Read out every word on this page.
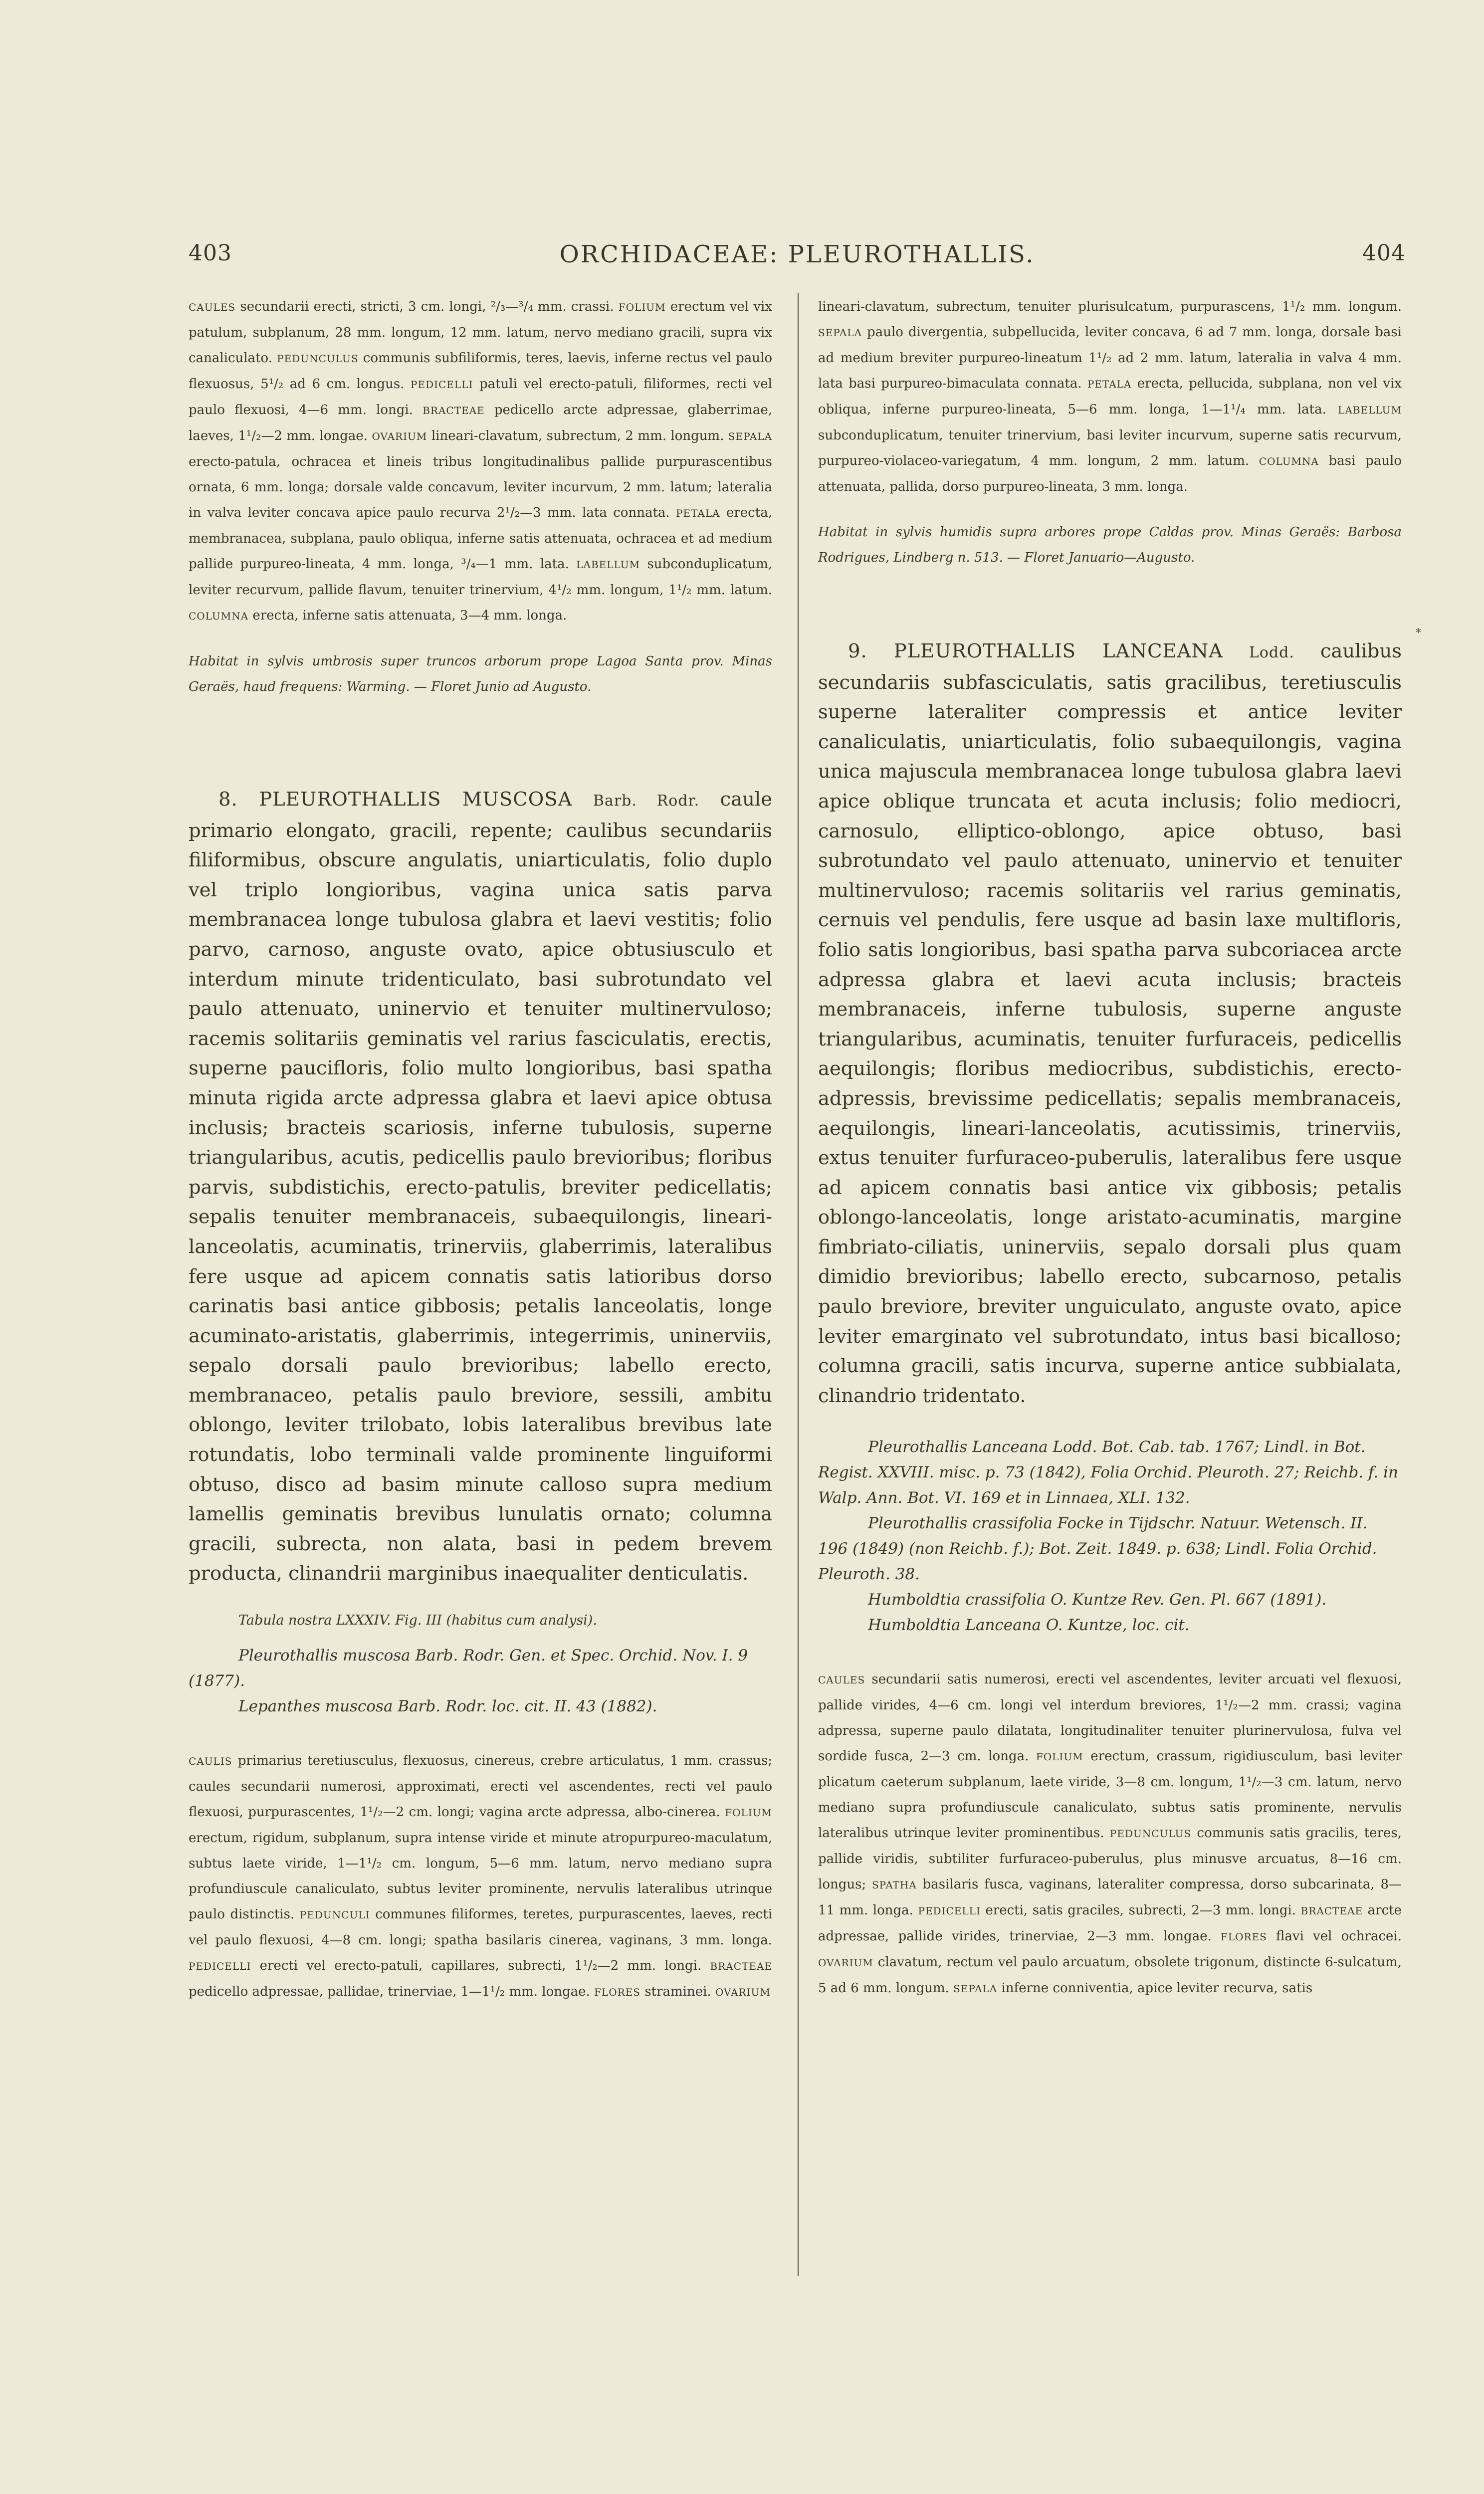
403	ORCHIDACEAE: PLEUROTHALLIS.	404
*

CAULES secundarii erecti, stricti, 3 cm. longi, ²/₃—³/₄ mm. crassi. FOLIUM erectum vel vix patulum, subplanum, 28 mm. longum, 12 mm. latum, nervo mediano gracili, supra vix canaliculato. PEDUNCULUS communis subfiliformis, teres, laevis, inferne rectus vel paulo flexuosus, 5¹/₂ ad 6 cm. longus. PEDICELLI patuli vel erecto-patuli, filiformes, recti vel paulo flexuosi, 4—6 mm. longi. BRACTEAE pedicello arcte adpressae, glaberrimae, laeves, 1¹/₂—2 mm. longae. OVARIUM lineari-clavatum, subrectum, 2 mm. longum. SEPALA erecto-patula, ochracea et lineis tribus longitudinalibus pallide purpurascentibus ornata, 6 mm. longa; dorsale valde concavum, leviter incurvum, 2 mm. latum; lateralia in valva leviter concava apice paulo recurva 2¹/₂—3 mm. lata connata. PETALA erecta, membranacea, subplana, paulo obliqua, inferne satis attenuata, ochracea et ad medium pallide purpureo-lineata, 4 mm. longa, ³/₄—1 mm. lata. LABELLUM subconduplicatum, leviter recurvum, pallide flavum, tenuiter trinervium, 4¹/₂ mm. longum, 1¹/₂ mm. latum. COLUMNA erecta, inferne satis attenuata, 3—4 mm. longa.

Habitat in sylvis umbrosis super truncos arborum prope Lagoa Santa prov. Minas Geraës, haud frequens: Warming. — Floret Junio ad Augusto.

8. PLEUROTHALLIS MUSCOSA Barb. Rodr. caule primario elongato, gracili, repente; caulibus secundariis filiformibus, obscure angulatis, uniarticulatis, folio duplo vel triplo longioribus, vagina unica satis parva membranacea longe tubulosa glabra et laevi vestitis; folio parvo, carnoso, anguste ovato, apice obtusiusculo et interdum minute tridenticulato, basi subrotundato vel paulo attenuato, uninervio et tenuiter multinervuloso; racemis solitariis geminatis vel rarius fasciculatis, erectis, superne paucifloris, folio multo longioribus, basi spatha minuta rigida arcte adpressa glabra et laevi apice obtusa inclusis; bracteis scariosis, inferne tubulosis, superne triangularibus, acutis, pedicellis paulo brevioribus; floribus parvis, subdistichis, erecto-patulis, breviter pedicellatis; sepalis tenuiter membranaceis, subaequilongis, lineari-lanceolatis, acuminatis, trinerviis, glaberrimis, lateralibus fere usque ad apicem connatis satis latioribus dorso carinatis basi antice gibbosis; petalis lanceolatis, longe acuminato-aristatis, glaberrimis, integerrimis, uninerviis, sepalo dorsali paulo brevioribus; labello erecto, membranaceo, petalis paulo breviore, sessili, ambitu oblongo, leviter trilobato, lobis lateralibus brevibus late rotundatis, lobo terminali valde prominente linguiformi obtuso, disco ad basim minute calloso supra medium lamellis geminatis brevibus lunulatis ornato; columna gracili, subrecta, non alata, basi in pedem brevem producta, clinandrii marginibus inaequaliter denticulatis.

Tabula nostra LXXXIV. Fig. III (habitus cum analysi).

Pleurothallis muscosa Barb. Rodr. Gen. et Spec. Orchid. Nov. I. 9 (1877).

Lepanthes muscosa Barb. Rodr. loc. cit. II. 43 (1882).

CAULIS primarius teretiusculus, flexuosus, cinereus, crebre articulatus, 1 mm. crassus; caules secundarii numerosi, approximati, erecti vel ascendentes, recti vel paulo flexuosi, purpurascentes, 1¹/₂—2 cm. longi; vagina arcte adpressa, albo-cinerea. FOLIUM erectum, rigidum, subplanum, supra intense viride et minute atropurpureo-maculatum, subtus laete viride, 1—1¹/₂ cm. longum, 5—6 mm. latum, nervo mediano supra profundiuscule canaliculato, subtus leviter prominente, nervulis lateralibus utrinque paulo distinctis. PEDUNCULI communes filiformes, teretes, purpurascentes, laeves, recti vel paulo flexuosi, 4—8 cm. longi; spatha basilaris cinerea, vaginans, 3 mm. longa. PEDICELLI erecti vel erecto-patuli, capillares, subrecti, 1¹/₂—2 mm. longi. BRACTEAE pedicello adpressae, pallidae, trinerviae, 1—1¹/₂ mm. longae. FLORES straminei. OVARIUM

lineari-clavatum, subrectum, tenuiter plurisulcatum, purpurascens, 1¹/₂ mm. longum. SEPALA paulo divergentia, subpellucida, leviter concava, 6 ad 7 mm. longa, dorsale basi ad medium breviter purpureo-lineatum 1¹/₂ ad 2 mm. latum, lateralia in valva 4 mm. lata basi purpureo-bimaculata connata. PETALA erecta, pellucida, subplana, non vel vix obliqua, inferne purpureo-lineata, 5—6 mm. longa, 1—1¹/₄ mm. lata. LABELLUM subconduplicatum, tenuiter trinervium, basi leviter incurvum, superne satis recurvum, purpureo-violaceo-variegatum, 4 mm. longum, 2 mm. latum. COLUMNA basi paulo attenuata, pallida, dorso purpureo-lineata, 3 mm. longa.

Habitat in sylvis humidis supra arbores prope Caldas prov. Minas Geraës: Barbosa Rodrigues, Lindberg n. 513. — Floret Januario—Augusto.

9. PLEUROTHALLIS LANCEANA Lodd. caulibus secundariis subfasciculatis, satis gracilibus, teretiusculis superne lateraliter compressis et antice leviter canaliculatis, uniarticulatis, folio subaequilongis, vagina unica majuscula membranacea longe tubulosa glabra laevi apice oblique truncata et acuta inclusis; folio mediocri, carnosulo, elliptico-oblongo, apice obtuso, basi subrotundato vel paulo attenuato, uninervio et tenuiter multinervuloso; racemis solitariis vel rarius geminatis, cernuis vel pendulis, fere usque ad basin laxe multifloris, folio satis longioribus, basi spatha parva subcoriacea arcte adpressa glabra et laevi acuta inclusis; bracteis membranaceis, inferne tubulosis, superne anguste triangularibus, acuminatis, tenuiter furfuraceis, pedicellis aequilongis; floribus mediocribus, subdistichis, erecto-adpressis, brevissime pedicellatis; sepalis membranaceis, aequilongis, lineari-lanceolatis, acutissimis, trinerviis, extus tenuiter furfuraceo-puberulis, lateralibus fere usque ad apicem connatis basi antice vix gibbosis; petalis oblongo-lanceolatis, longe aristato-acuminatis, margine fimbriato-ciliatis, uninerviis, sepalo dorsali plus quam dimidio brevioribus; labello erecto, subcarnoso, petalis paulo breviore, breviter unguiculato, anguste ovato, apice leviter emarginato vel subrotundato, intus basi bicalloso; columna gracili, satis incurva, superne antice subbialata, clinandrio tridentato.

Pleurothallis Lanceana Lodd. Bot. Cab. tab. 1767; Lindl. in Bot. Regist. XXVIII. misc. p. 73 (1842), Folia Orchid. Pleuroth. 27; Reichb. f. in Walp. Ann. Bot. VI. 169 et in Linnaea, XLI. 132.

Pleurothallis crassifolia Focke in Tijdschr. Natuur. Wetensch. II. 196 (1849) (non Reichb. f.); Bot. Zeit. 1849. p. 638; Lindl. Folia Orchid. Pleuroth. 38.

Humboldtia crassifolia O. Kuntze Rev. Gen. Pl. 667 (1891).

Humboldtia Lanceana O. Kuntze, loc. cit.

CAULES secundarii satis numerosi, erecti vel ascendentes, leviter arcuati vel flexuosi, pallide virides, 4—6 cm. longi vel interdum breviores, 1¹/₂—2 mm. crassi; vagina adpressa, superne paulo dilatata, longitudinaliter tenuiter plurinervulosa, fulva vel sordide fusca, 2—3 cm. longa. FOLIUM erectum, crassum, rigidiusculum, basi leviter plicatum caeterum subplanum, laete viride, 3—8 cm. longum, 1¹/₂—3 cm. latum, nervo mediano supra profundiuscule canaliculato, subtus satis prominente, nervulis lateralibus utrinque leviter prominentibus. PEDUNCULUS communis satis gracilis, teres, pallide viridis, subtiliter furfuraceo-puberulus, plus minusve arcuatus, 8—16 cm. longus; SPATHA basilaris fusca, vaginans, lateraliter compressa, dorso subcarinata, 8—11 mm. longa. PEDICELLI erecti, satis graciles, subrecti, 2—3 mm. longi. BRACTEAE arcte adpressae, pallide virides, trinerviae, 2—3 mm. longae. FLORES flavi vel ochracei. OVARIUM clavatum, rectum vel paulo arcuatum, obsolete trigonum, distincte 6-sulcatum, 5 ad 6 mm. longum. SEPALA inferne conniventia, apice leviter recurva, satis
